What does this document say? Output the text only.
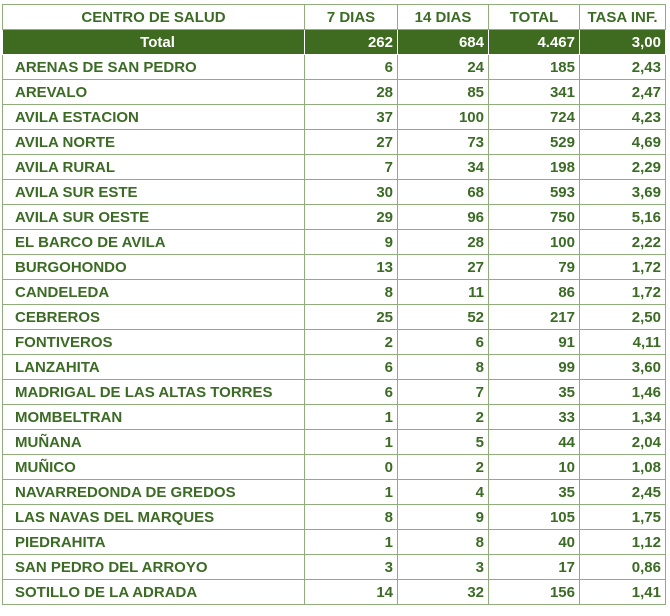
CENTRO DE SALUD	7 DIAS	14 DIAS	TOTAL	TASA INF.
Total	262	684	4.467	3,00
ARENAS DE SAN PEDRO	6	24	185	2,43
AREVALO	28	85	341	2,47
AVILA ESTACION	37	100	724	4,23
AVILA NORTE	27	73	529	4,69
AVILA RURAL	7	34	198	2,29
AVILA SUR ESTE	30	68	593	3,69
AVILA SUR OESTE	29	96	750	5,16
EL BARCO DE AVILA	9	28	100	2,22
BURGOHONDO	13	27	79	1,72
CANDELEDA	8	11	86	1,72
CEBREROS	25	52	217	2,50
FONTIVEROS	2	6	91	4,11
LANZAHITA	6	8	99	3,60
MADRIGAL DE LAS ALTAS TORRES	6	7	35	1,46
MOMBELTRAN	1	2	33	1,34
MUÑANA	1	5	44	2,04
MUÑICO	0	2	10	1,08
NAVARREDONDA DE GREDOS	1	4	35	2,45
LAS NAVAS DEL MARQUES	8	9	105	1,75
PIEDRAHITA	1	8	40	1,12
SAN PEDRO DEL ARROYO	3	3	17	0,86
SOTILLO DE LA ADRADA	14	32	156	1,41
